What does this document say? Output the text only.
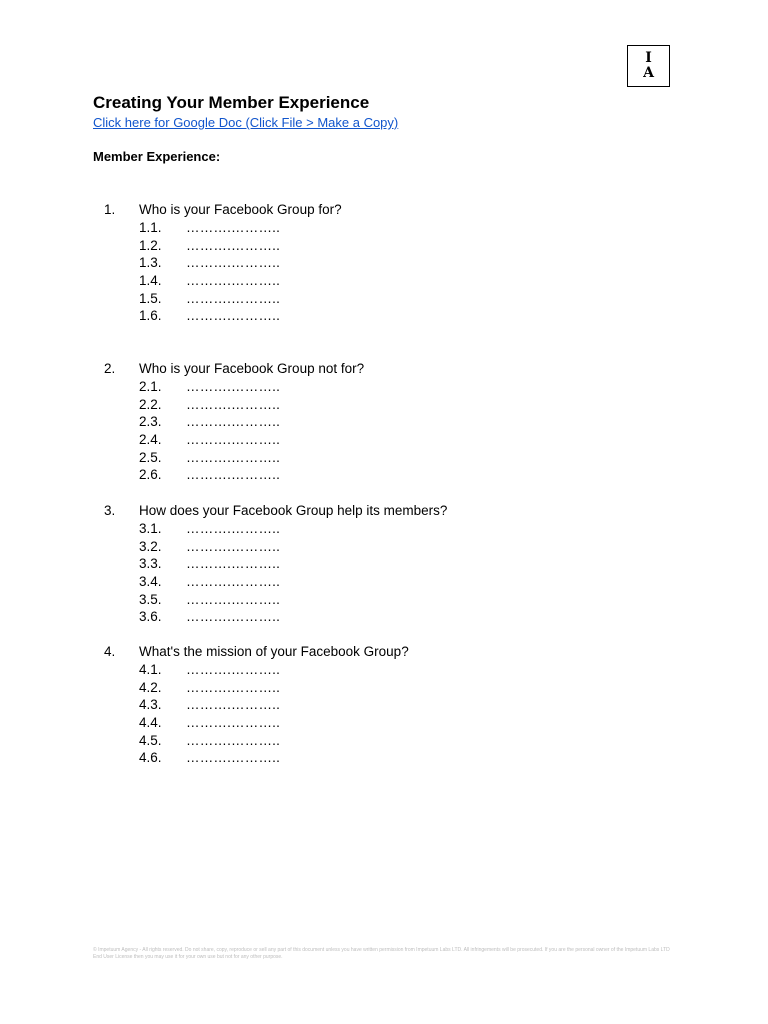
I
A
Creating Your Member Experience
Click here for Google Doc (Click File > Make a Copy)
Member Experience:
1. Who is your Facebook Group for?
1.1. ……….………..
1.2. ……….………..
1.3. ……….………..
1.4. ……….………..
1.5. ……….………..
1.6. ……….………..
2. Who is your Facebook Group not for?
2.1. ……….………..
2.2. ……….………..
2.3. ……….………..
2.4. ……….………..
2.5. ……….………..
2.6. ……….………..
3. How does your Facebook Group help its members?
3.1. ……….………..
3.2. ……….………..
3.3. ……….………..
3.4. ……….………..
3.5. ……….………..
3.6. ……….………..
4. What's the mission of your Facebook Group?
4.1. ……….………..
4.2. ……….………..
4.3. ……….………..
4.4. ……….………..
4.5. ……….………..
4.6. ……….………..
© Impetuum Agency - All rights reserved. Do not share, copy, reproduce or sell any part of this document unless you have written permission from Impetuum Labs LTD. All infringements will be prosecuted. If you are the personal owner of the Impetuum Labs LTD End User License then you may use it for your own use but not for any other purpose.
